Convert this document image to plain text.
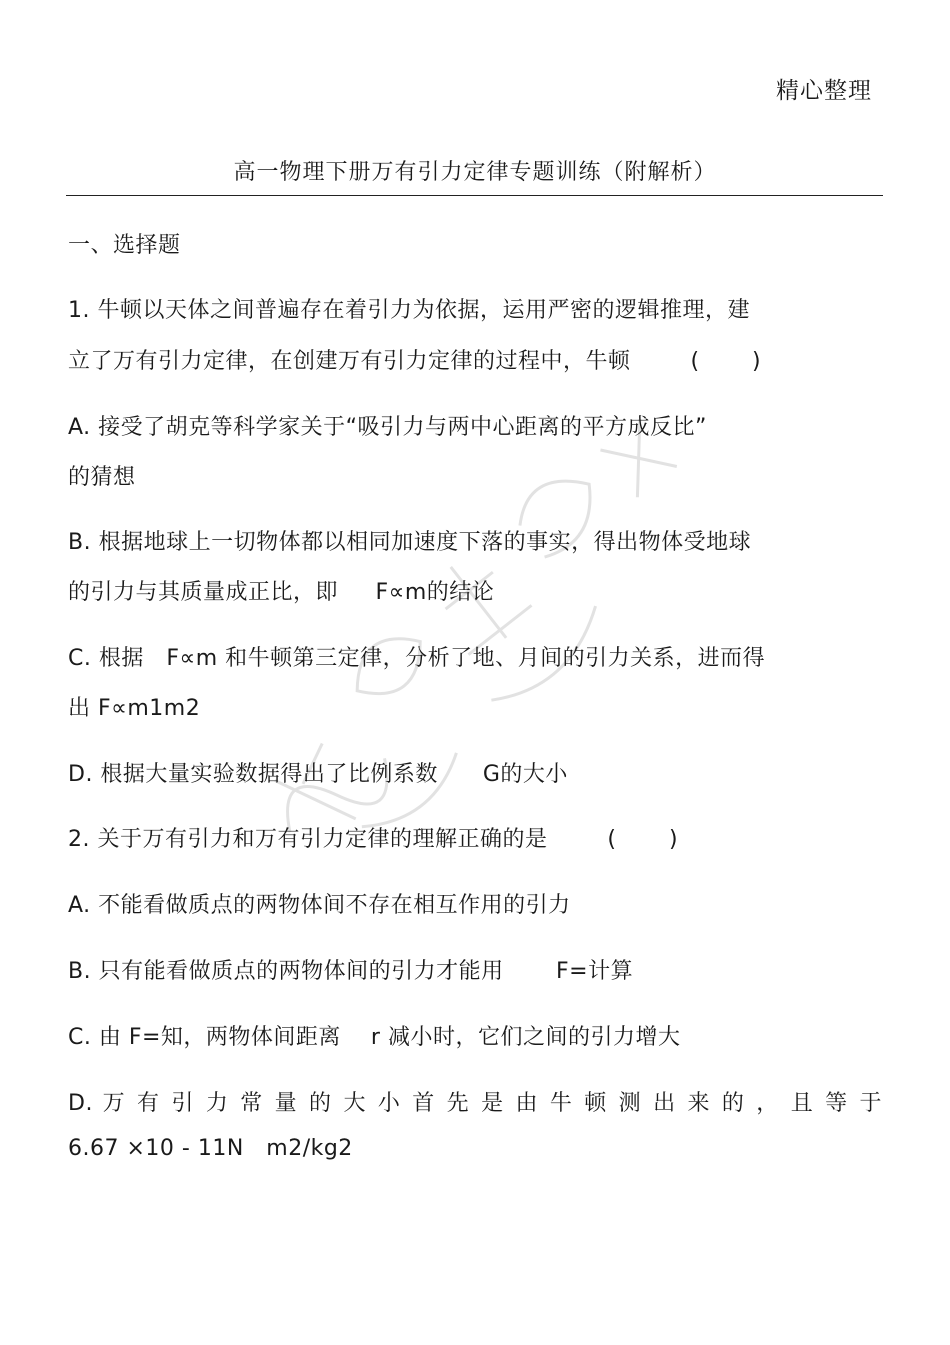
精心整理
高一物理下册万有引力定律专题训练（附解析）
一、选择题
1. 牛顿以天体之间普遍存在着引力为依据，运用严密的逻辑推理，建
立了万有引力定律，在创建万有引力定律的过程中，牛顿        (       )
A. 接受了胡克等科学家关于“吸引力与两中心距离的平方成反比”
的猜想
B. 根据地球上一切物体都以相同加速度下落的事实，得出物体受地球
的引力与其质量成正比，即     F∝m的结论
C. 根据   F∝m 和牛顿第三定律，分析了地、月间的引力关系，进而得
出 F∝m1m2
D. 根据大量实验数据得出了比例系数      G的大小
2. 关于万有引力和万有引力定律的理解正确的是        (       )
A. 不能看做质点的两物体间不存在相互作用的引力
B. 只有能看做质点的两物体间的引力才能用       F=计算
C. 由 F=知，两物体间距离    r 减小时，它们之间的引力增大
D. 万 有 引 力 常 量 的 大 小 首 先 是 由 牛 顿 测 出 来 的 ， 且 等 于
6.67 ×10 - 11N   m2/kg2
